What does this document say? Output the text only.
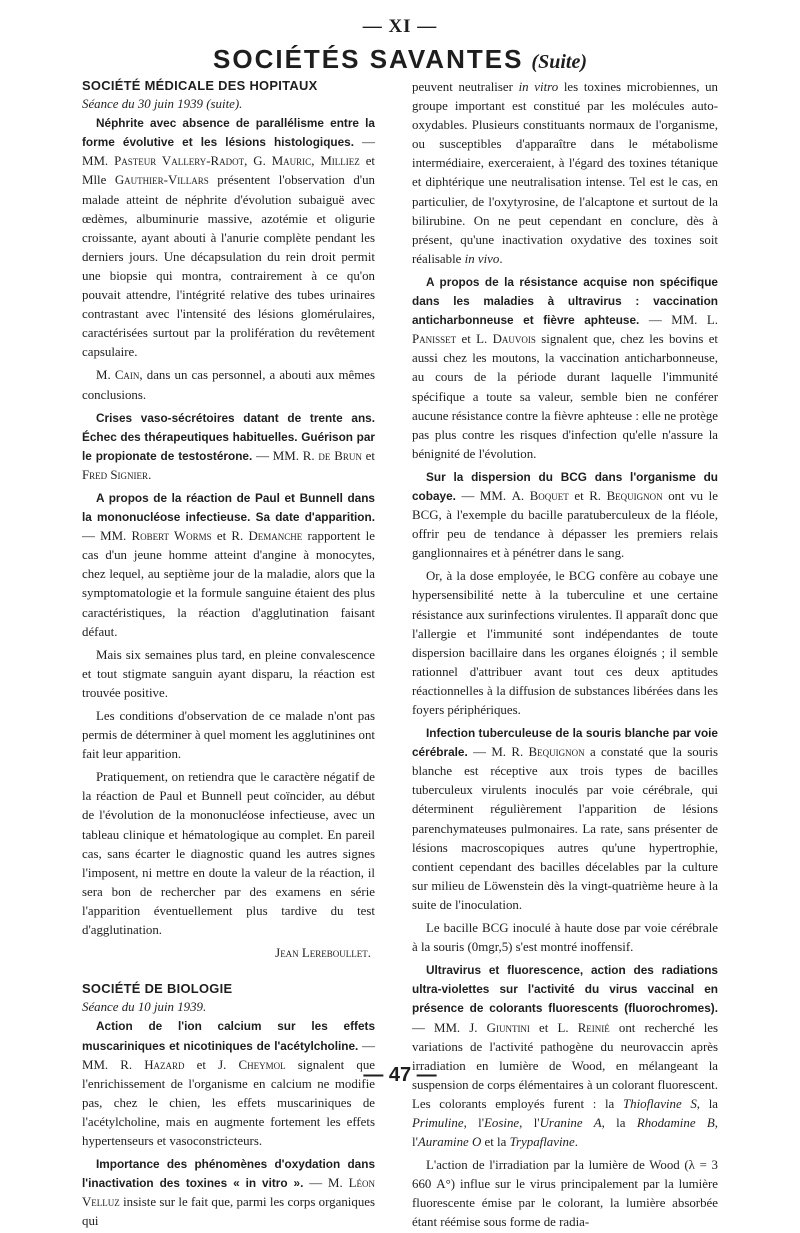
— XI —
SOCIÉTÉS SAVANTES (Suite)

SOCIÉTÉ MÉDICALE DES HOPITAUX

Séance du 30 juin 1939 (suite).

Néphrite avec absence de parallélisme entre la forme évolutive et les lésions histologiques. — MM. Pasteur Vallery-Radot, G. Mauric, Milliez et Mlle Gauthier-Villars présentent l'observation d'un malade atteint de néphrite d'évolution subaiguë avec œdèmes, albuminurie massive, azotémie et oligurie croissante, ayant abouti à l'anurie complète pendant les derniers jours. Une décapsulation du rein droit permit une biopsie qui montra, contrairement à ce qu'on pouvait attendre, l'intégrité relative des tubes urinaires contrastant avec l'intensité des lésions glomérulaires, caractérisées surtout par la prolifération du revêtement capsulaire.

M. Cain, dans un cas personnel, a abouti aux mêmes conclusions.

Crises vaso-sécrétoires datant de trente ans. Échec des thérapeutiques habituelles. Guérison par le propionate de testostérone. — MM. R. de Brun et Fred Signier.

A propos de la réaction de Paul et Bunnell dans la mononucléose infectieuse. Sa date d'apparition. — MM. Robert Worms et R. Demanche rapportent le cas d'un jeune homme atteint d'angine à monocytes, chez lequel, au septième jour de la maladie, alors que la symptomatologie et la formule sanguine étaient des plus caractéristiques, la réaction d'agglutination faisant défaut.

Mais six semaines plus tard, en pleine convalescence et tout stigmate sanguin ayant disparu, la réaction est trouvée positive.

Les conditions d'observation de ce malade n'ont pas permis de déterminer à quel moment les agglutinines ont fait leur apparition.

Pratiquement, on retiendra que le caractère négatif de la réaction de Paul et Bunnell peut coïncider, au début de l'évolution de la mononucléose infectieuse, avec un tableau clinique et hématologique au complet. En pareil cas, sans écarter le diagnostic quand les autres signes l'imposent, ni mettre en doute la valeur de la réaction, il sera bon de rechercher par des examens en série l'apparition éventuellement plus tardive du test d'agglutination.

Jean Lereboullet.

SOCIÉTÉ DE BIOLOGIE

Séance du 10 juin 1939.

Action de l'ion calcium sur les effets muscariniques et nicotiniques de l'acétylcholine. — MM. R. Hazard et J. Cheymol signalent que l'enrichissement de l'organisme en calcium ne modifie pas, chez le chien, les effets muscariniques de l'acétylcholine, mais en augmente fortement les effets hypertenseurs et vasoconstricteurs.

Importance des phénomènes d'oxydation dans l'inactivation des toxines « in vitro ». — M. Léon Velluz insiste sur le fait que, parmi les corps organiques qui

peuvent neutraliser in vitro les toxines microbiennes, un groupe important est constitué par les molécules auto-oxydables. Plusieurs constituants normaux de l'organisme, ou susceptibles d'apparaître dans le métabolisme intermédiaire, exerceraient, à l'égard des toxines tétanique et diphtérique une neutralisation intense. Tel est le cas, en particulier, de l'oxytyrosine, de l'alcaptone et surtout de la bilirubine. On ne peut cependant en conclure, dès à présent, qu'une inactivation oxydative des toxines soit réalisable in vivo.

A propos de la résistance acquise non spécifique dans les maladies à ultravirus : vaccination anticharbonneuse et fièvre aphteuse. — MM. L. Panisset et L. Dauvois signalent que, chez les bovins et aussi chez les moutons, la vaccination anticharbonneuse, au cours de la période durant laquelle l'immunité spécifique a toute sa valeur, semble bien ne conférer aucune résistance contre la fièvre aphteuse : elle ne protège pas plus contre les risques d'infection qu'elle n'assure la bénignité de l'évolution.

Sur la dispersion du BCG dans l'organisme du cobaye. — MM. A. Boquet et R. Bequignon ont vu le BCG, à l'exemple du bacille paratuberculeux de la fléole, offrir peu de tendance à dépasser les premiers relais ganglionnaires et à pénétrer dans le sang.

Or, à la dose employée, le BCG confère au cobaye une hypersensibilité nette à la tuberculine et une certaine résistance aux surinfections virulentes. Il apparaît donc que l'allergie et l'immunité sont indépendantes de toute dispersion bacillaire dans les organes éloignés ; il semble rationnel d'attribuer avant tout ces deux aptitudes réactionnelles à la diffusion de substances libérées dans les foyers périphériques.

Infection tuberculeuse de la souris blanche par voie cérébrale. — M. R. Bequignon a constaté que la souris blanche est réceptive aux trois types de bacilles tuberculeux virulents inoculés par voie cérébrale, qui déterminent régulièrement l'apparition de lésions parenchymateuses pulmonaires. La rate, sans présenter de lésions macroscopiques autres qu'une hypertrophie, contient cependant des bacilles décelables par la culture sur milieu de Löwenstein dès la vingt-quatrième heure à la suite de l'inoculation.

Le bacille BCG inoculé à haute dose par voie cérébrale à la souris (0mgr,5) s'est montré inoffensif.

Ultravirus et fluorescence, action des radiations ultra-violettes sur l'activité du virus vaccinal en présence de colorants fluorescents (fluorochromes). — MM. J. Giuntini et L. Reinié ont recherché les variations de l'activité pathogène du neurovaccin après irradiation en lumière de Wood, en mélangeant la suspension de corps élémentaires à un colorant fluorescent. Les colorants employés furent : la Thioflavine S, la Primuline, l'Eosine, l'Uranine A, la Rhodamine B, l'Auramine O et la Trypaflavine.

L'action de l'irradiation par la lumière de Wood (λ = 3 660 A°) influe sur le virus principalement par la lumière fluorescente émise par le colorant, la lumière absorbée étant réémise sous forme de radia-

— 47 —
